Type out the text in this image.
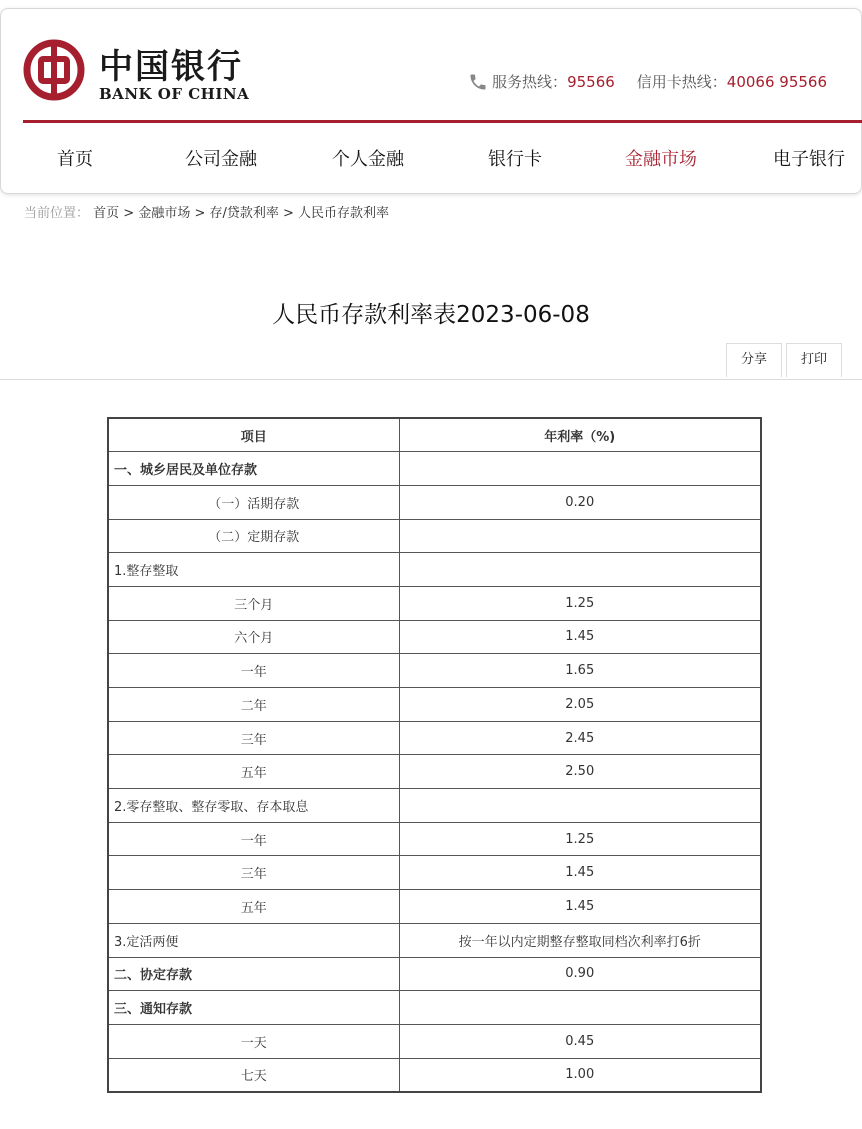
中国银行
BANK OF CHINA
服务热线： 95566 信用卡热线： 40066 95566
首页	公司金融	个人金融	银行卡	金融市场	电子银行
当前位置： 首页 > 金融市场 > 存/贷款利率 > 人民币存款利率
人民币存款利率表2023-06-08
分享	打印
项目	年利率（%)
一、城乡居民及单位存款	
（一）活期存款	0.20
（二）定期存款	
1.整存整取	
三个月	1.25
六个月	1.45
一年	1.65
二年	2.05
三年	2.45
五年	2.50
2.零存整取、整存零取、存本取息	
一年	1.25
三年	1.45
五年	1.45
3.定活两便	按一年以内定期整存整取同档次利率打6折
二、协定存款	0.90
三、通知存款	
一天	0.45
七天	1.00
